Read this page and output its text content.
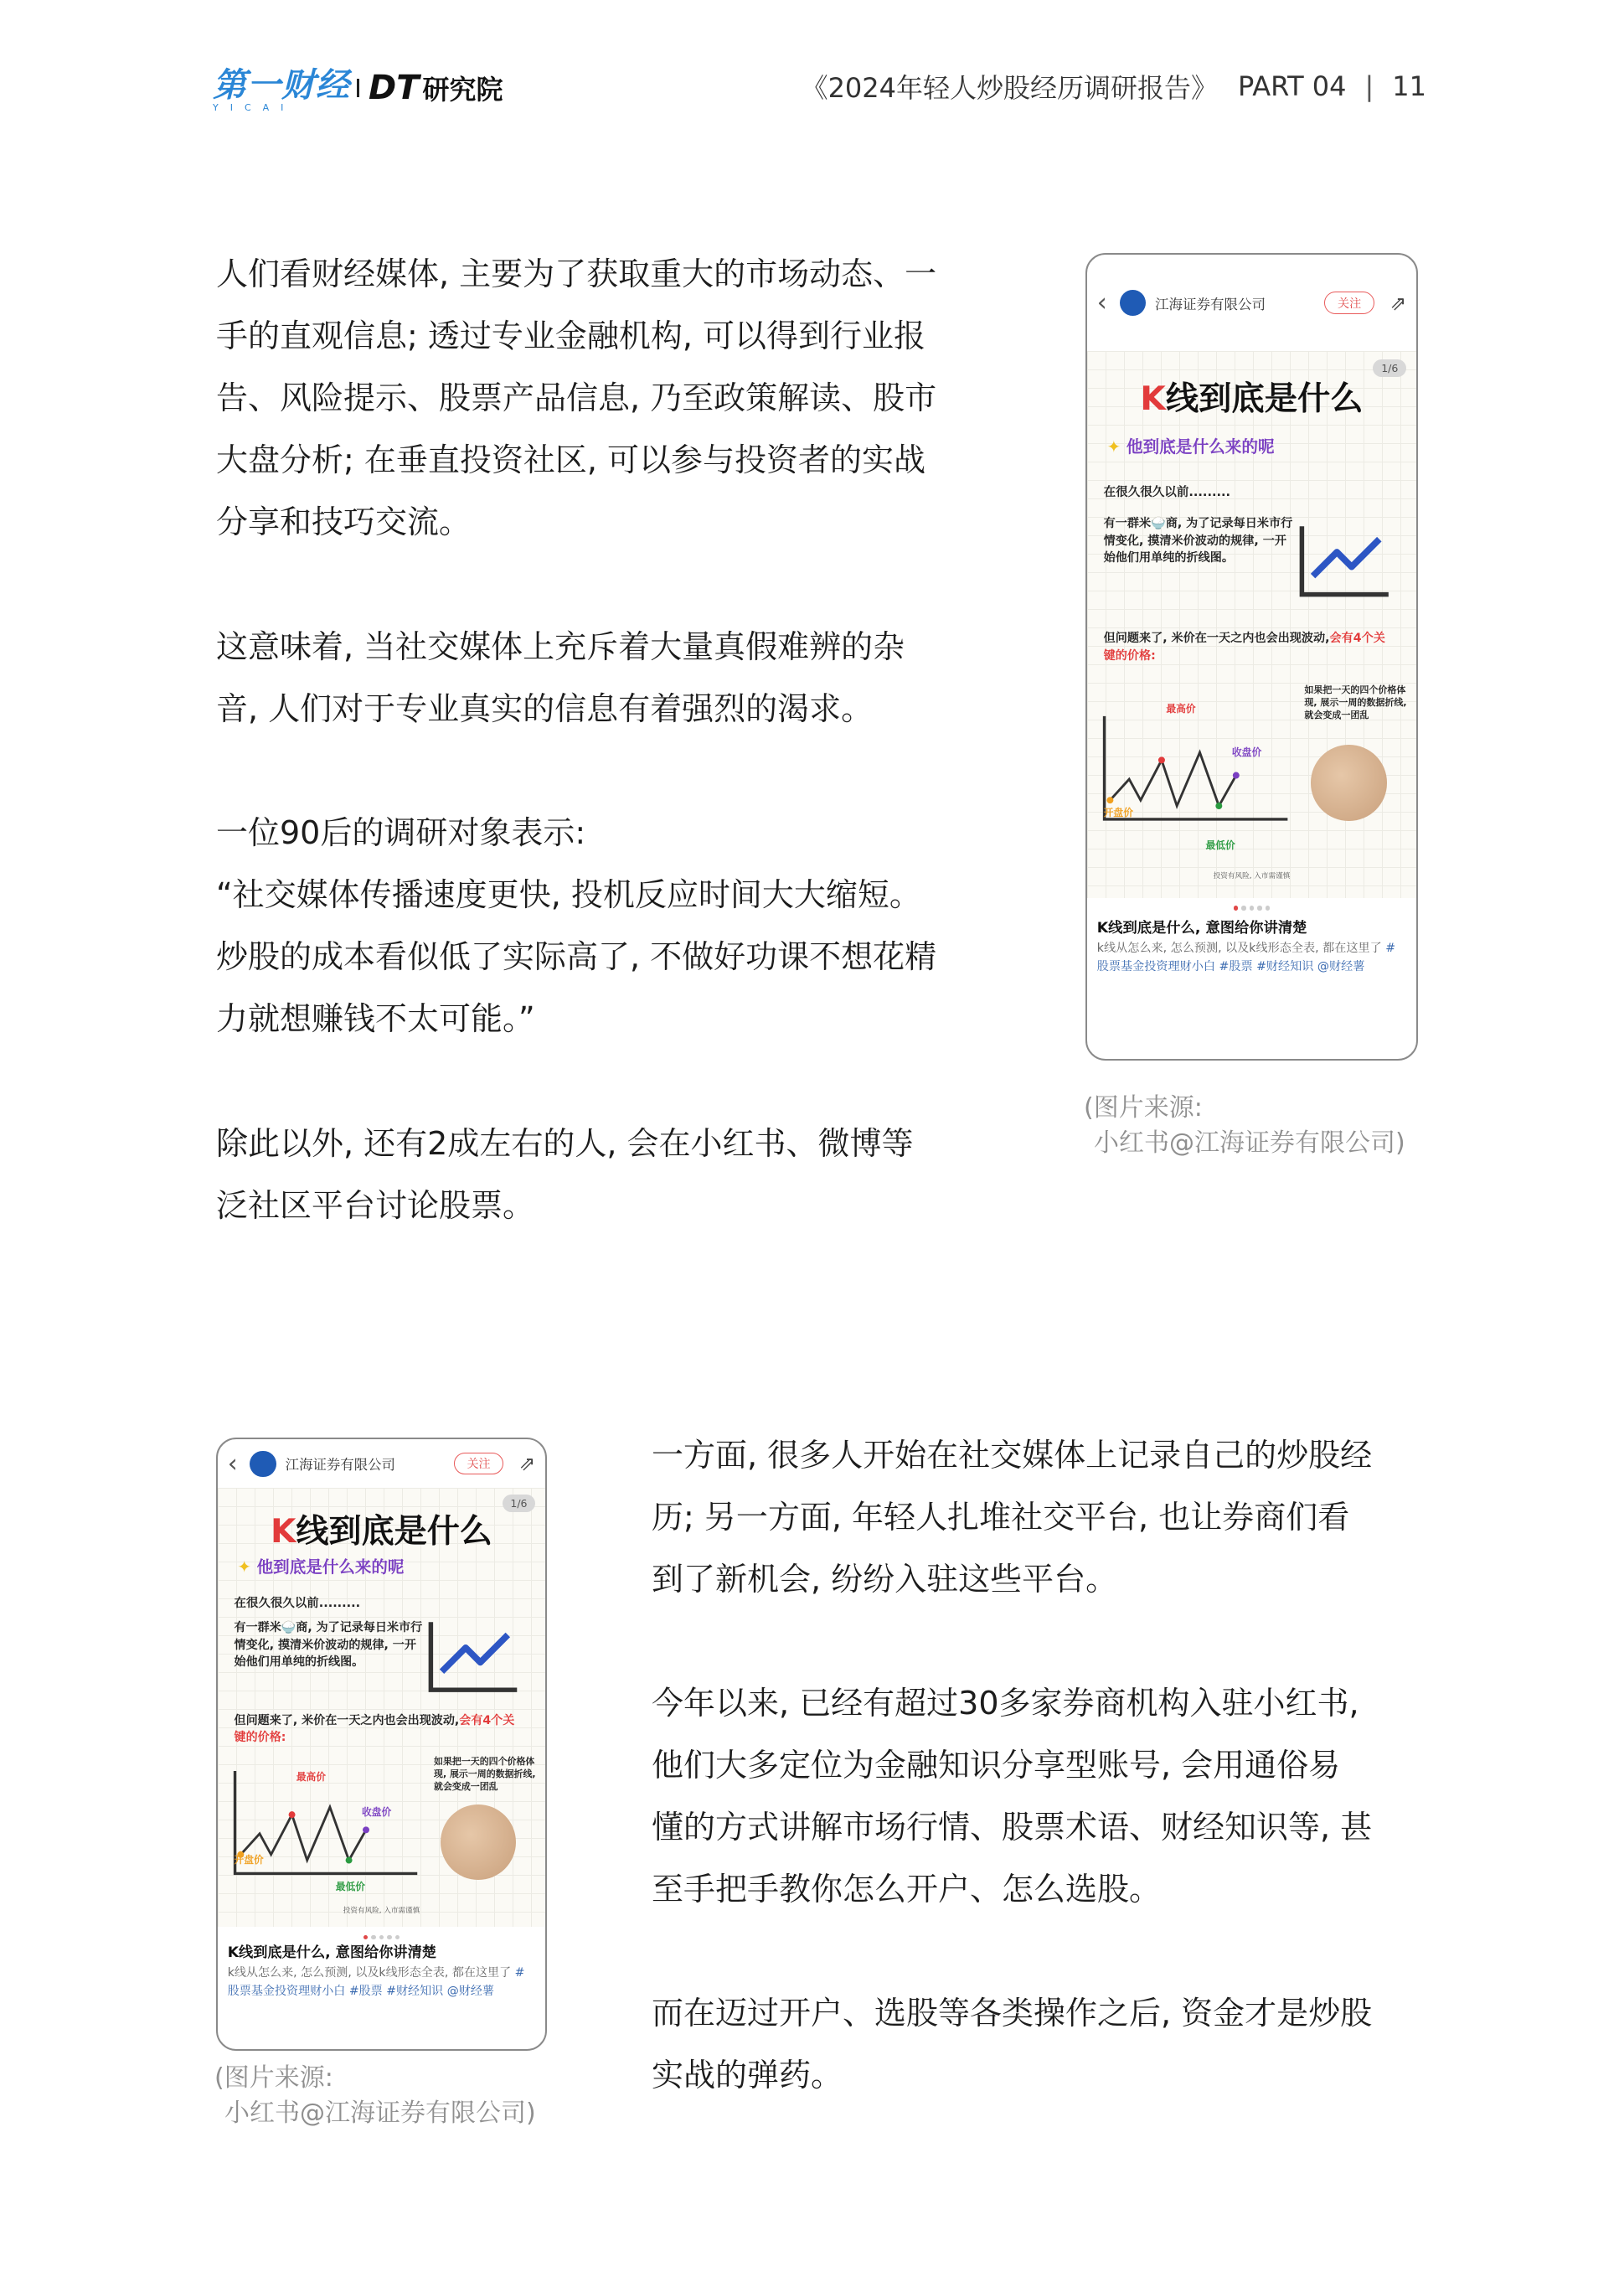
第一财经
YICAI
DT 研究院	《2024年轻人炒股经历调研报告》 PART 04 | 11

人们看财经媒体, 主要为了获取重大的市场动态、一
手的直观信息; 透过专业金融机构, 可以得到行业报
告、风险提示、股票产品信息, 乃至政策解读、股市
大盘分析; 在垂直投资社区, 可以参与投资者的实战
分享和技巧交流。

这意味着, 当社交媒体上充斥着大量真假难辨的杂
音, 人们对于专业真实的信息有着强烈的渴求。

一位90后的调研对象表示:
“社交媒体传播速度更快, 投机反应时间大大缩短。
炒股的成本看似低了实际高了, 不做好功课不想花精
力就想赚钱不太可能。”

除此以外, 还有2成左右的人, 会在小红书、微博等
泛社区平台讨论股票。

‹	江海证券有限公司	关注	⇗
1/6
K线到底是什么
✦ 他到底是什么来的呢
在很久很久以前.........
有一群米🍚商, 为了记录每日米市行情变化, 摸清米价波动的规律, 一开始他们用单纯的折线图。
但问题来了, 米价在一天之内也会出现波动,会有4个关键的价格:
如果把一天的四个价格体现, 展示一周的数据折线, 就会变成一团乱
最高价
收盘价
开盘价
最低价
投资有风险, 入市需谨慎
K线到底是什么, 意图给你讲清楚
k线从怎么来, 怎么预测, 以及k线形态全表, 都在这里了 #股票基金投资理财小白 #股票 #财经知识 @财经薯
(图片来源:
小红书@江海证券有限公司)
‹	江海证券有限公司	关注	⇗
1/6
K线到底是什么
✦ 他到底是什么来的呢
在很久很久以前.........
有一群米🍚商, 为了记录每日米市行情变化, 摸清米价波动的规律, 一开始他们用单纯的折线图。
但问题来了, 米价在一天之内也会出现波动,会有4个关键的价格:
如果把一天的四个价格体现, 展示一周的数据折线, 就会变成一团乱
最高价
收盘价
开盘价
最低价
投资有风险, 入市需谨慎
K线到底是什么, 意图给你讲清楚
k线从怎么来, 怎么预测, 以及k线形态全表, 都在这里了 #股票基金投资理财小白 #股票 #财经知识 @财经薯
(图片来源:
小红书@江海证券有限公司)

一方面, 很多人开始在社交媒体上记录自己的炒股经
历; 另一方面, 年轻人扎堆社交平台, 也让券商们看
到了新机会, 纷纷入驻这些平台。

今年以来, 已经有超过30多家券商机构入驻小红书,
他们大多定位为金融知识分享型账号, 会用通俗易
懂的方式讲解市场行情、股票术语、财经知识等, 甚
至手把手教你怎么开户、怎么选股。

而在迈过开户、选股等各类操作之后, 资金才是炒股
实战的弹药。
